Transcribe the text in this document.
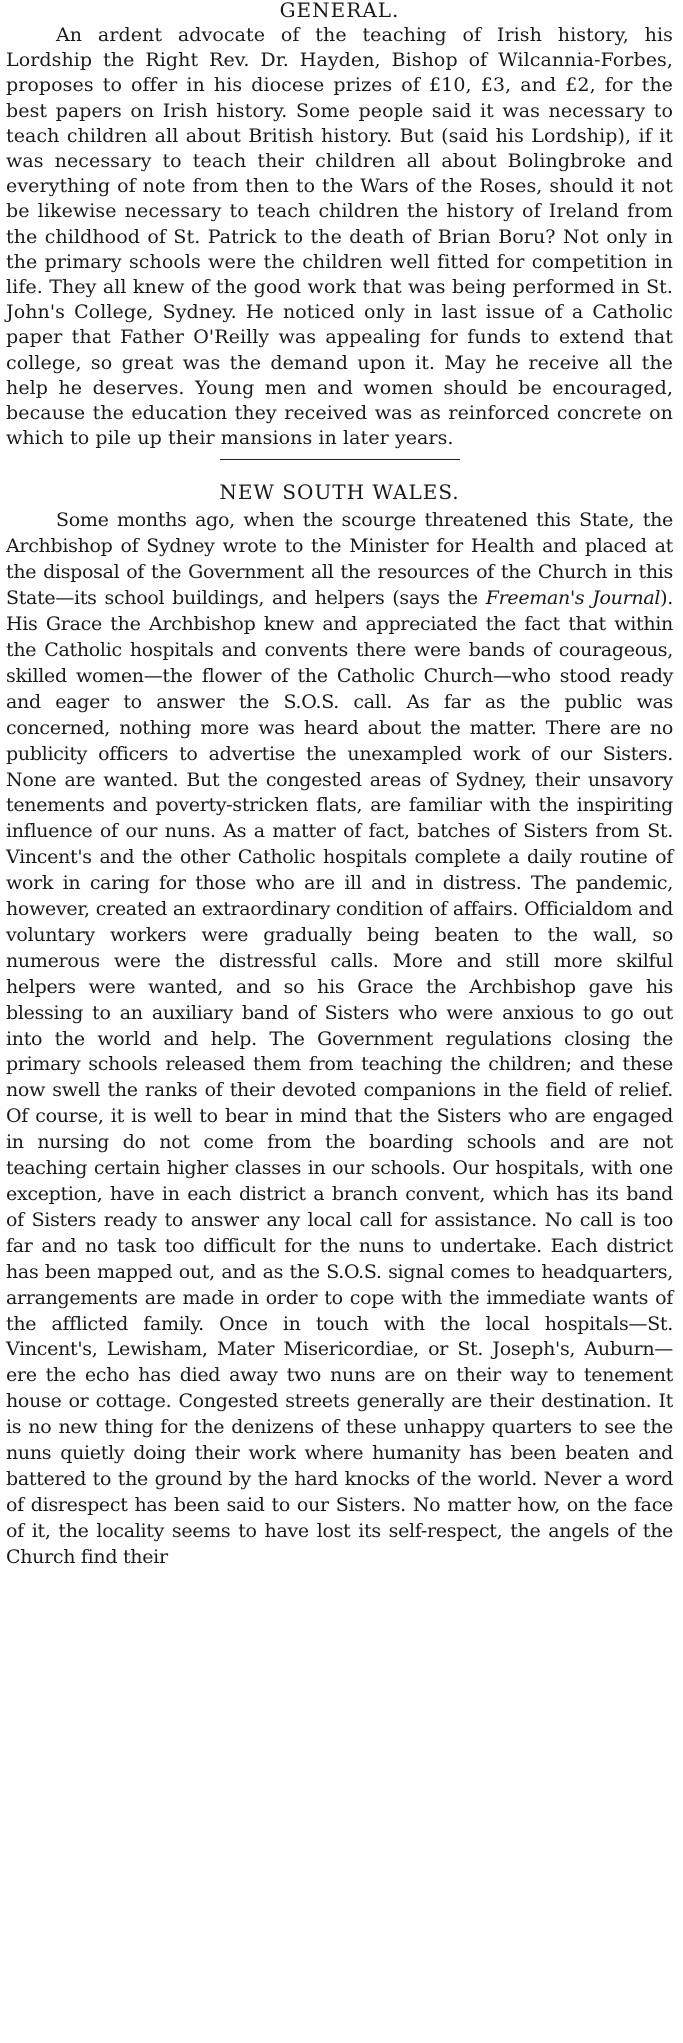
GENERAL.

An ardent advocate of the teaching of Irish history, his Lordship the Right Rev. Dr. Hayden, Bishop of Wilcannia-Forbes, proposes to offer in his diocese prizes of £10, £3, and £2, for the best papers on Irish history. Some people said it was necessary to teach children all about British history. But (said his Lordship), if it was necessary to teach their children all about Bolingbroke and everything of note from then to the Wars of the Roses, should it not be likewise necessary to teach children the history of Ireland from the childhood of St. Patrick to the death of Brian Boru? Not only in the primary schools were the children well fitted for competition in life. They all knew of the good work that was being performed in St. John's College, Sydney. He noticed only in last issue of a Catholic paper that Father O'Reilly was appealing for funds to extend that college, so great was the demand upon it. May he receive all the help he deserves. Young men and women should be encouraged, because the education they received was as reinforced concrete on which to pile up their mansions in later years.

NEW SOUTH WALES.

Some months ago, when the scourge threatened this State, the Archbishop of Sydney wrote to the Minister for Health and placed at the disposal of the Government all the resources of the Church in this State—its school buildings, and helpers (says the Freeman's Journal). His Grace the Archbishop knew and appreciated the fact that within the Catholic hospitals and convents there were bands of courageous, skilled women—the flower of the Catholic Church—who stood ready and eager to answer the S.O.S. call. As far as the public was concerned, nothing more was heard about the matter. There are no publicity officers to advertise the unexampled work of our Sisters. None are wanted. But the congested areas of Sydney, their unsavory tenements and poverty-stricken flats, are familiar with the inspiriting influence of our nuns. As a matter of fact, batches of Sisters from St. Vincent's and the other Catholic hospitals complete a daily routine of work in caring for those who are ill and in distress. The pandemic, however, created an extraordinary condition of affairs. Officialdom and voluntary workers were gradually being beaten to the wall, so numerous were the distressful calls. More and still more skilful helpers were wanted, and so his Grace the Archbishop gave his blessing to an auxiliary band of Sisters who were anxious to go out into the world and help. The Government regulations closing the primary schools released them from teaching the children; and these now swell the ranks of their devoted companions in the field of relief. Of course, it is well to bear in mind that the Sisters who are engaged in nursing do not come from the boarding schools and are not teaching certain higher classes in our schools. Our hospitals, with one exception, have in each district a branch convent, which has its band of Sisters ready to answer any local call for assistance. No call is too far and no task too difficult for the nuns to undertake. Each district has been mapped out, and as the S.O.S. signal comes to headquarters, arrangements are made in order to cope with the immediate wants of the afflicted family. Once in touch with the local hospitals—St. Vincent's, Lewisham, Mater Misericordiae, or St. Joseph's, Auburn—ere the echo has died away two nuns are on their way to tenement house or cottage. Congested streets generally are their destination. It is no new thing for the denizens of these unhappy quarters to see the nuns quietly doing their work where humanity has been beaten and battered to the ground by the hard knocks of the world. Never a word of disrespect has been said to our Sisters. No matter how, on the face of it, the locality seems to have lost its self-respect, the angels of the Church find their
